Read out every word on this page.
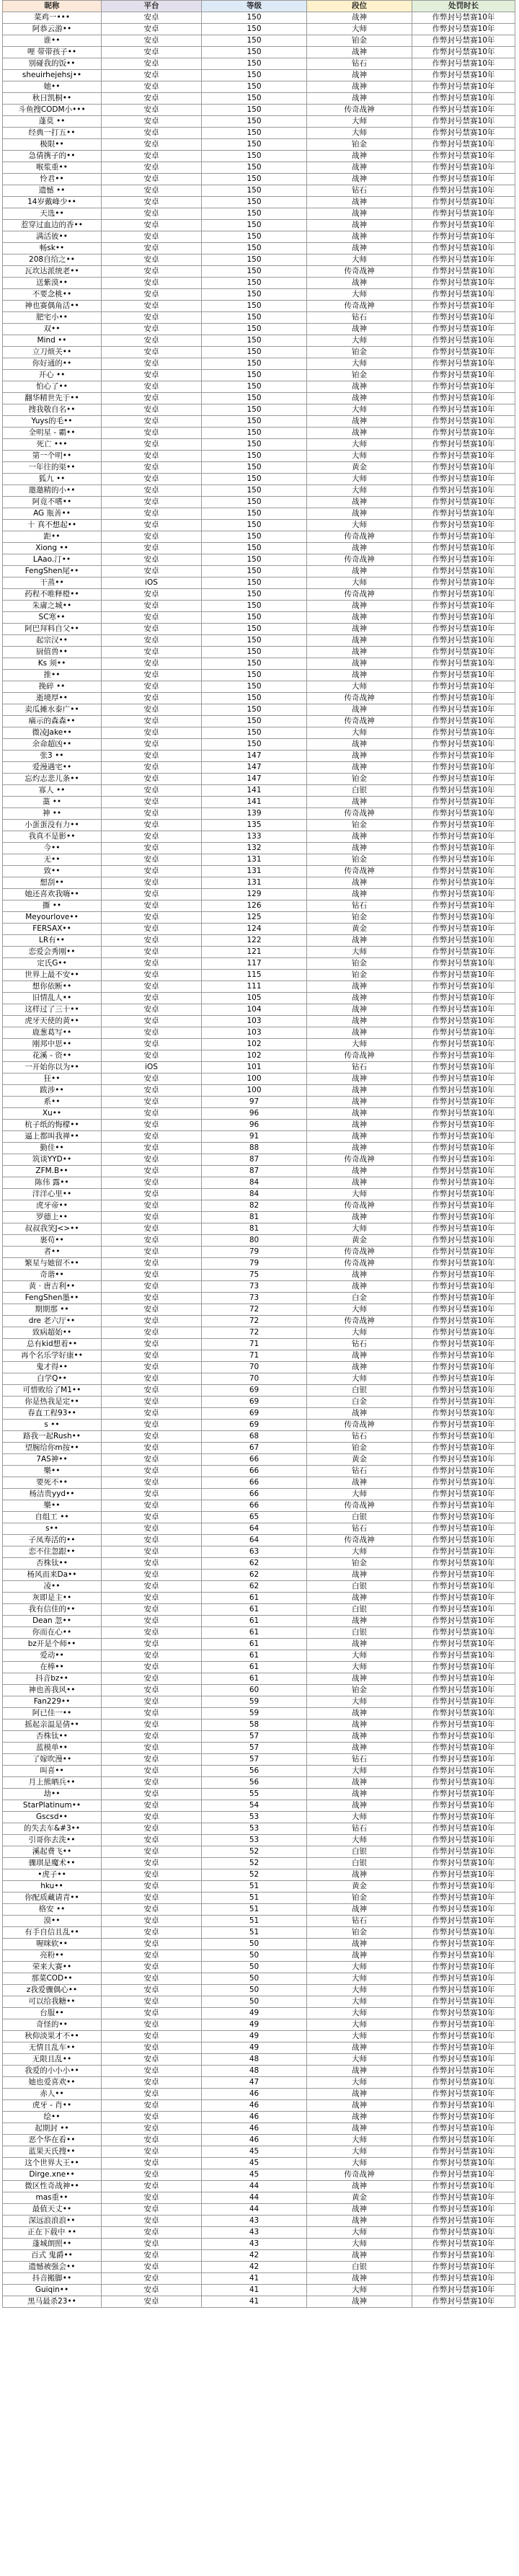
昵称	平台	等级	段位	处罚时长
菜鸡一•••	安卓	150	战神	作弊封号禁赛10年
阿恭云游••	安卓	150	大师	作弊封号禁赛10年
谁••	安卓	150	铂金	作弊封号禁赛10年
哩 带带孩子••	安卓	150	战神	作弊封号禁赛10年
别碰我的饭••	安卓	150	钻石	作弊封号禁赛10年
sheuirhejehsj••	安卓	150	战神	作弊封号禁赛10年
她••	安卓	150	战神	作弊封号禁赛10年
秋日凯桐••	安卓	150	战神	作弊封号禁赛10年
斗鱼搜CODM小•••	安卓	150	传奇战神	作弊封号禁赛10年
蓬莫 ••	安卓	150	大师	作弊封号禁赛10年
经典一打五••	安卓	150	大师	作弊封号禁赛10年
极限••	安卓	150	铂金	作弊封号禁赛10年
急倩携子的••	安卓	150	战神	作弊封号禁赛10年
喉浆重••	安卓	150	战神	作弊封号禁赛10年
怜君••	安卓	150	战神	作弊封号禁赛10年
遗憾 ••	安卓	150	钻石	作弊封号禁赛10年
14岁戴峰少••	安卓	150	战神	作弊封号禁赛10年
天选••	安卓	150	战神	作弊封号禁赛10年
惹穿过血边的香••	安卓	150	战神	作弊封号禁赛10年
满活彼••	安卓	150	战神	作弊封号禁赛10年
畅sk••	安卓	150	战神	作弊封号禁赛10年
208自给之••	安卓	150	大师	作弊封号禁赛10年
瓦坎达派统老••	安卓	150	传奇战神	作弊封号禁赛10年
送紫漠••	安卓	150	战神	作弊封号禁赛10年
不要念桃••	安卓	150	大师	作弊封号禁赛10年
神也赛偶角活••	安卓	150	传奇战神	作弊封号禁赛10年
肥宅小••	安卓	150	钻石	作弊封号禁赛10年
双••	安卓	150	战神	作弊封号禁赛10年
Mind ••	安卓	150	大师	作弊封号禁赛10年
立刀烦关••	安卓	150	铂金	作弊封号禁赛10年
你好通的••	安卓	150	大师	作弊封号禁赛10年
开心 ••	安卓	150	铂金	作弊封号禁赛10年
怕心了••	安卓	150	战神	作弊封号禁赛10年
翻华精世先于••	安卓	150	战神	作弊封号禁赛10年
搜我敬自名••	安卓	150	大师	作弊封号禁赛10年
Yuys的毛••	安卓	150	战神	作弊封号禁赛10年
全明星 - 霸••	安卓	150	战神	作弊封号禁赛10年
死亡 •••	安卓	150	大师	作弊封号禁赛10年
第一个明••	安卓	150	大师	作弊封号禁赛10年
一年往的渠••	安卓	150	黄金	作弊封号禁赛10年
狐九 ••	安卓	150	大师	作弊封号禁赛10年
邀邀精的小••	安卓	150	大师	作弊封号禁赛10年
阿竟不嗜••	安卓	150	战神	作弊封号禁赛10年
AG 瓶善••	安卓	150	战神	作弊封号禁赛10年
十 真不想起••	安卓	150	大师	作弊封号禁赛10年
距••	安卓	150	传奇战神	作弊封号禁赛10年
Xiong ••	安卓	150	战神	作弊封号禁赛10年
LAao.汀••	安卓	150	传奇战神	作弊封号禁赛10年
FengShen尾••	安卓	150	战神	作弊封号禁赛10年
干蒸••	iOS	150	大师	作弊封号禁赛10年
药程不唯释橙••	安卓	150	传奇战神	作弊封号禁赛10年
朱庸之城••	安卓	150	战神	作弊封号禁赛10年
SC寒••	安卓	150	战神	作弊封号禁赛10年
阿巴拜料自父••	安卓	150	战神	作弊封号禁赛10年
起宗汉••	安卓	150	战神	作弊封号禁赛10年
厨值兽••	安卓	150	战神	作弊封号禁赛10年
Ks 须••	安卓	150	战神	作弊封号禁赛10年
推••	安卓	150	战神	作弊封号禁赛10年
挽碎 ••	安卓	150	大师	作弊封号禁赛10年
逝境厚••	安卓	150	传奇战神	作弊封号禁赛10年
卖瓜摊水泰广••	安卓	150	战神	作弊封号禁赛10年
痛示的森森••	安卓	150	传奇战神	作弊封号禁赛10年
微凌Jake••	安卓	150	大师	作弊封号禁赛10年
余命超凶••	安卓	150	战神	作弊封号禁赛10年
张3 ••	安卓	147	战神	作弊封号禁赛10年
爱漫遇宅••	安卓	147	战神	作弊封号禁赛10年
忘灼志悲儿条••	安卓	147	铂金	作弊封号禁赛10年
寡人 ••	安卓	141	白银	作弊封号禁赛10年
藁 ••	安卓	141	战神	作弊封号禁赛10年
神 ••	安卓	139	传奇战神	作弊封号禁赛10年
小蛋蛋没有力••	安卓	135	铂金	作弊封号禁赛10年
我真不是影••	安卓	133	战神	作弊封号禁赛10年
今••	安卓	132	战神	作弊封号禁赛10年
无••	安卓	131	铂金	作弊封号禁赛10年
致••	安卓	131	传奇战神	作弊封号禁赛10年
想刮••	安卓	131	战神	作弊封号禁赛10年
她还喜欢我嗨••	安卓	129	战神	作弊封号禁赛10年
撕 ••	安卓	126	钻石	作弊封号禁赛10年
Meyourlove••	安卓	125	铂金	作弊封号禁赛10年
FERSAX••	安卓	124	黄金	作弊封号禁赛10年
LR有••	安卓	122	战神	作弊封号禁赛10年
恋爱会秀刚••	安卓	121	大师	作弊封号禁赛10年
定氏G••	安卓	117	铂金	作弊封号禁赛10年
世界上最不安••	安卓	115	铂金	作弊封号禁赛10年
想你依断••	安卓	111	战神	作弊封号禁赛10年
旧情乱人••	安卓	105	战神	作弊封号禁赛10年
这样过了三十••	安卓	104	战神	作弊封号禁赛10年
虎牙天使的黄••	安卓	103	战神	作弊封号禁赛10年
鹿葱葛写••	安卓	103	战神	作弊封号禁赛10年
刚邦中思••	安卓	102	大师	作弊封号禁赛10年
花溪 - 资••	安卓	102	传奇战神	作弊封号禁赛10年
一开始你以为••	iOS	101	钻石	作弊封号禁赛10年
狂••	安卓	100	战神	作弊封号禁赛10年
跋涉••	安卓	100	战神	作弊封号禁赛10年
系••	安卓	97	战神	作弊封号禁赛10年
Xu••	安卓	96	战神	作弊封号禁赛10年
杭子纸的悔檬••	安卓	96	战神	作弊封号禁赛10年
逼上都叫我禅••	安卓	91	战神	作弊封号禁赛10年
勤佳••	安卓	88	战神	作弊封号禁赛10年
筑谈YYD••	安卓	87	传奇战神	作弊封号禁赛10年
ZFM.B••	安卓	87	战神	作弊封号禁赛10年
陈伟 露••	安卓	84	战神	作弊封号禁赛10年
洋洋心里••	安卓	84	大师	作弊封号禁赛10年
虎牙帝••	安卓	82	传奇战神	作弊封号禁赛10年
罗德上••	安卓	81	战神	作弊封号禁赛10年
叔叔我笑J<>••	安卓	81	大师	作弊封号禁赛10年
裹苟••	安卓	80	黄金	作弊封号禁赛10年
者••	安卓	79	传奇战神	作弊封号禁赛10年
繁星与她留不••	安卓	79	传奇战神	作弊封号禁赛10年
奇谐••	安卓	75	战神	作弊封号禁赛10年
黄 · 唐吉利••	安卓	73	战神	作弊封号禁赛10年
FengShen墨••	安卓	73	白金	作弊封号禁赛10年
期期那 ••	安卓	72	大师	作弊封号禁赛10年
dre 老六厅••	安卓	72	传奇战神	作弊封号禁赛10年
致病超始••	安卓	72	大师	作弊封号禁赛10年
总有kid想着••	安卓	71	钻石	作弊封号禁赛10年
再个名乐学好康••	安卓	71	战神	作弊封号禁赛10年
鬼才得••	安卓	70	战神	作弊封号禁赛10年
白学Q••	安卓	70	大师	作弊封号禁赛10年
可惜败给了M1••	安卓	69	白银	作弊封号禁赛10年
你是热我是定••	安卓	69	白金	作弊封号禁赛10年
春直工程93••	安卓	69	战神	作弊封号禁赛10年
s ••	安卓	69	传奇战神	作弊封号禁赛10年
路我一起Rush••	安卓	68	钻石	作弊封号禁赛10年
望腕给你m按••	安卓	67	铂金	作弊封号禁赛10年
7AS神••	安卓	66	黄金	作弊封号禁赛10年
樂••	安卓	66	钻石	作弊封号禁赛10年
要死不••	安卓	66	战神	作弊封号禁赛10年
杨洁贵yyd••	安卓	66	大师	作弊封号禁赛10年
樂••	安卓	66	传奇战神	作弊封号禁赛10年
自组工 ••	安卓	65	白银	作弊封号禁赛10年
s••	安卓	64	钻石	作弊封号禁赛10年
子凤寿活的••	安卓	64	传奇战神	作弊封号禁赛10年
恋不住忽跟••	安卓	63	大师	作弊封号禁赛10年
否株钛••	安卓	62	铂金	作弊封号禁赛10年
杨风而来Da••	安卓	62	战神	作弊封号禁赛10年
凌••	安卓	62	白银	作弊封号禁赛10年
灰即是主••	安卓	61	战神	作弊封号禁赛10年
我有信佳的••	安卓	61	白银	作弊封号禁赛10年
Dean 忽••	安卓	61	战神	作弊封号禁赛10年
你而在心••	安卓	61	白银	作弊封号禁赛10年
bz开是个师••	安卓	61	战神	作弊封号禁赛10年
爱动••	安卓	61	大师	作弊封号禁赛10年
在棒••	安卓	61	大师	作弊封号禁赛10年
抖音bz••	安卓	61	战神	作弊封号禁赛10年
神也善我风••	安卓	60	铂金	作弊封号禁赛10年
Fan229••	安卓	59	大师	作弊封号禁赛10年
阿已佳一••	安卓	59	战神	作弊封号禁赛10年
摇起亲温是倩••	安卓	58	战神	作弊封号禁赛10年
否株钛••	安卓	57	战神	作弊封号禁赛10年
蓝模单••	安卓	57	战神	作弊封号禁赛10年
了嫁吹漫••	安卓	57	钻石	作弊封号禁赛10年
叫喜••	安卓	56	大师	作弊封号禁赛10年
月上熊晒兵••	安卓	56	战神	作弊封号禁赛10年
劫••	安卓	55	战神	作弊封号禁赛10年
StarPlatinum••	安卓	54	战神	作弊封号禁赛10年
Gscsd••	安卓	53	大师	作弊封号禁赛10年
的失去车&#3••	安卓	53	钻石	作弊封号禁赛10年
引哥你去洗••	安卓	53	大师	作弊封号禁赛10年
溪起费飞••	安卓	52	白银	作弊封号禁赛10年
骤琪是魔术••	安卓	52	白银	作弊封号禁赛10年
•虎子••	安卓	52	战神	作弊封号禁赛10年
hku••	安卓	51	黄金	作弊封号禁赛10年
你配质藏请青••	安卓	51	铂金	作弊封号禁赛10年
格安 ••	安卓	51	战神	作弊封号禁赛10年
漠••	安卓	51	钻石	作弊封号禁赛10年
有手自信且乱••	安卓	51	铂金	作弊封号禁赛10年
喔咪软••	安卓	50	战神	作弊封号禁赛10年
亮粉••	安卓	50	战神	作弊封号禁赛10年
荣来大赛••	安卓	50	大师	作弊封号禁赛10年
那菜COD••	安卓	50	大师	作弊封号禁赛10年
z我爱骤偶心••	安卓	50	大师	作弊封号禁赛10年
可以给我糖••	安卓	50	大师	作弊封号禁赛10年
台服••	安卓	49	大师	作弊封号禁赛10年
奇怪的••	安卓	49	大师	作弊封号禁赛10年
秋仰淡果才不••	安卓	49	大师	作弊封号禁赛10年
无情且乱车••	安卓	49	战神	作弊封号禁赛10年
无限且乱••	安卓	48	大师	作弊封号禁赛10年
我爱的小小小••	安卓	48	战神	作弊封号禁赛10年
她也爱喜欢••	安卓	47	大师	作弊封号禁赛10年
赤人••	安卓	46	战神	作弊封号禁赛10年
虎牙 - 肖••	安卓	46	战神	作弊封号禁赛10年
绘••	安卓	46	战神	作弊封号禁赛10年
起期封 ••	安卓	46	战神	作弊封号禁赛10年
恶个华在看••	安卓	46	大师	作弊封号禁赛10年
蓝果天氏搜••	安卓	45	大师	作弊封号禁赛10年
这个世界大王••	安卓	45	大师	作弊封号禁赛10年
Dirge.xne••	安卓	45	传奇战神	作弊封号禁赛10年
微区性奇战神••	安卓	44	战神	作弊封号禁赛10年
mas重••	安卓	44	黄金	作弊封号禁赛10年
最值天丈••	安卓	44	战神	作弊封号禁赛10年
深远浪浪浪••	安卓	43	战神	作弊封号禁赛10年
正在下载中 ••	安卓	43	大师	作弊封号禁赛10年
蓬城朗照••	安卓	43	大师	作弊封号禁赛10年
百式 鬼爵••	安卓	42	战神	作弊封号禁赛10年
遗憾被强会••	安卓	42	白银	作弊封号禁赛10年
抖音搬脚••	安卓	41	战神	作弊封号禁赛10年
Guiqin••	安卓	41	大师	作弊封号禁赛10年
黑马最杀23••	安卓	41	战神	作弊封号禁赛10年
